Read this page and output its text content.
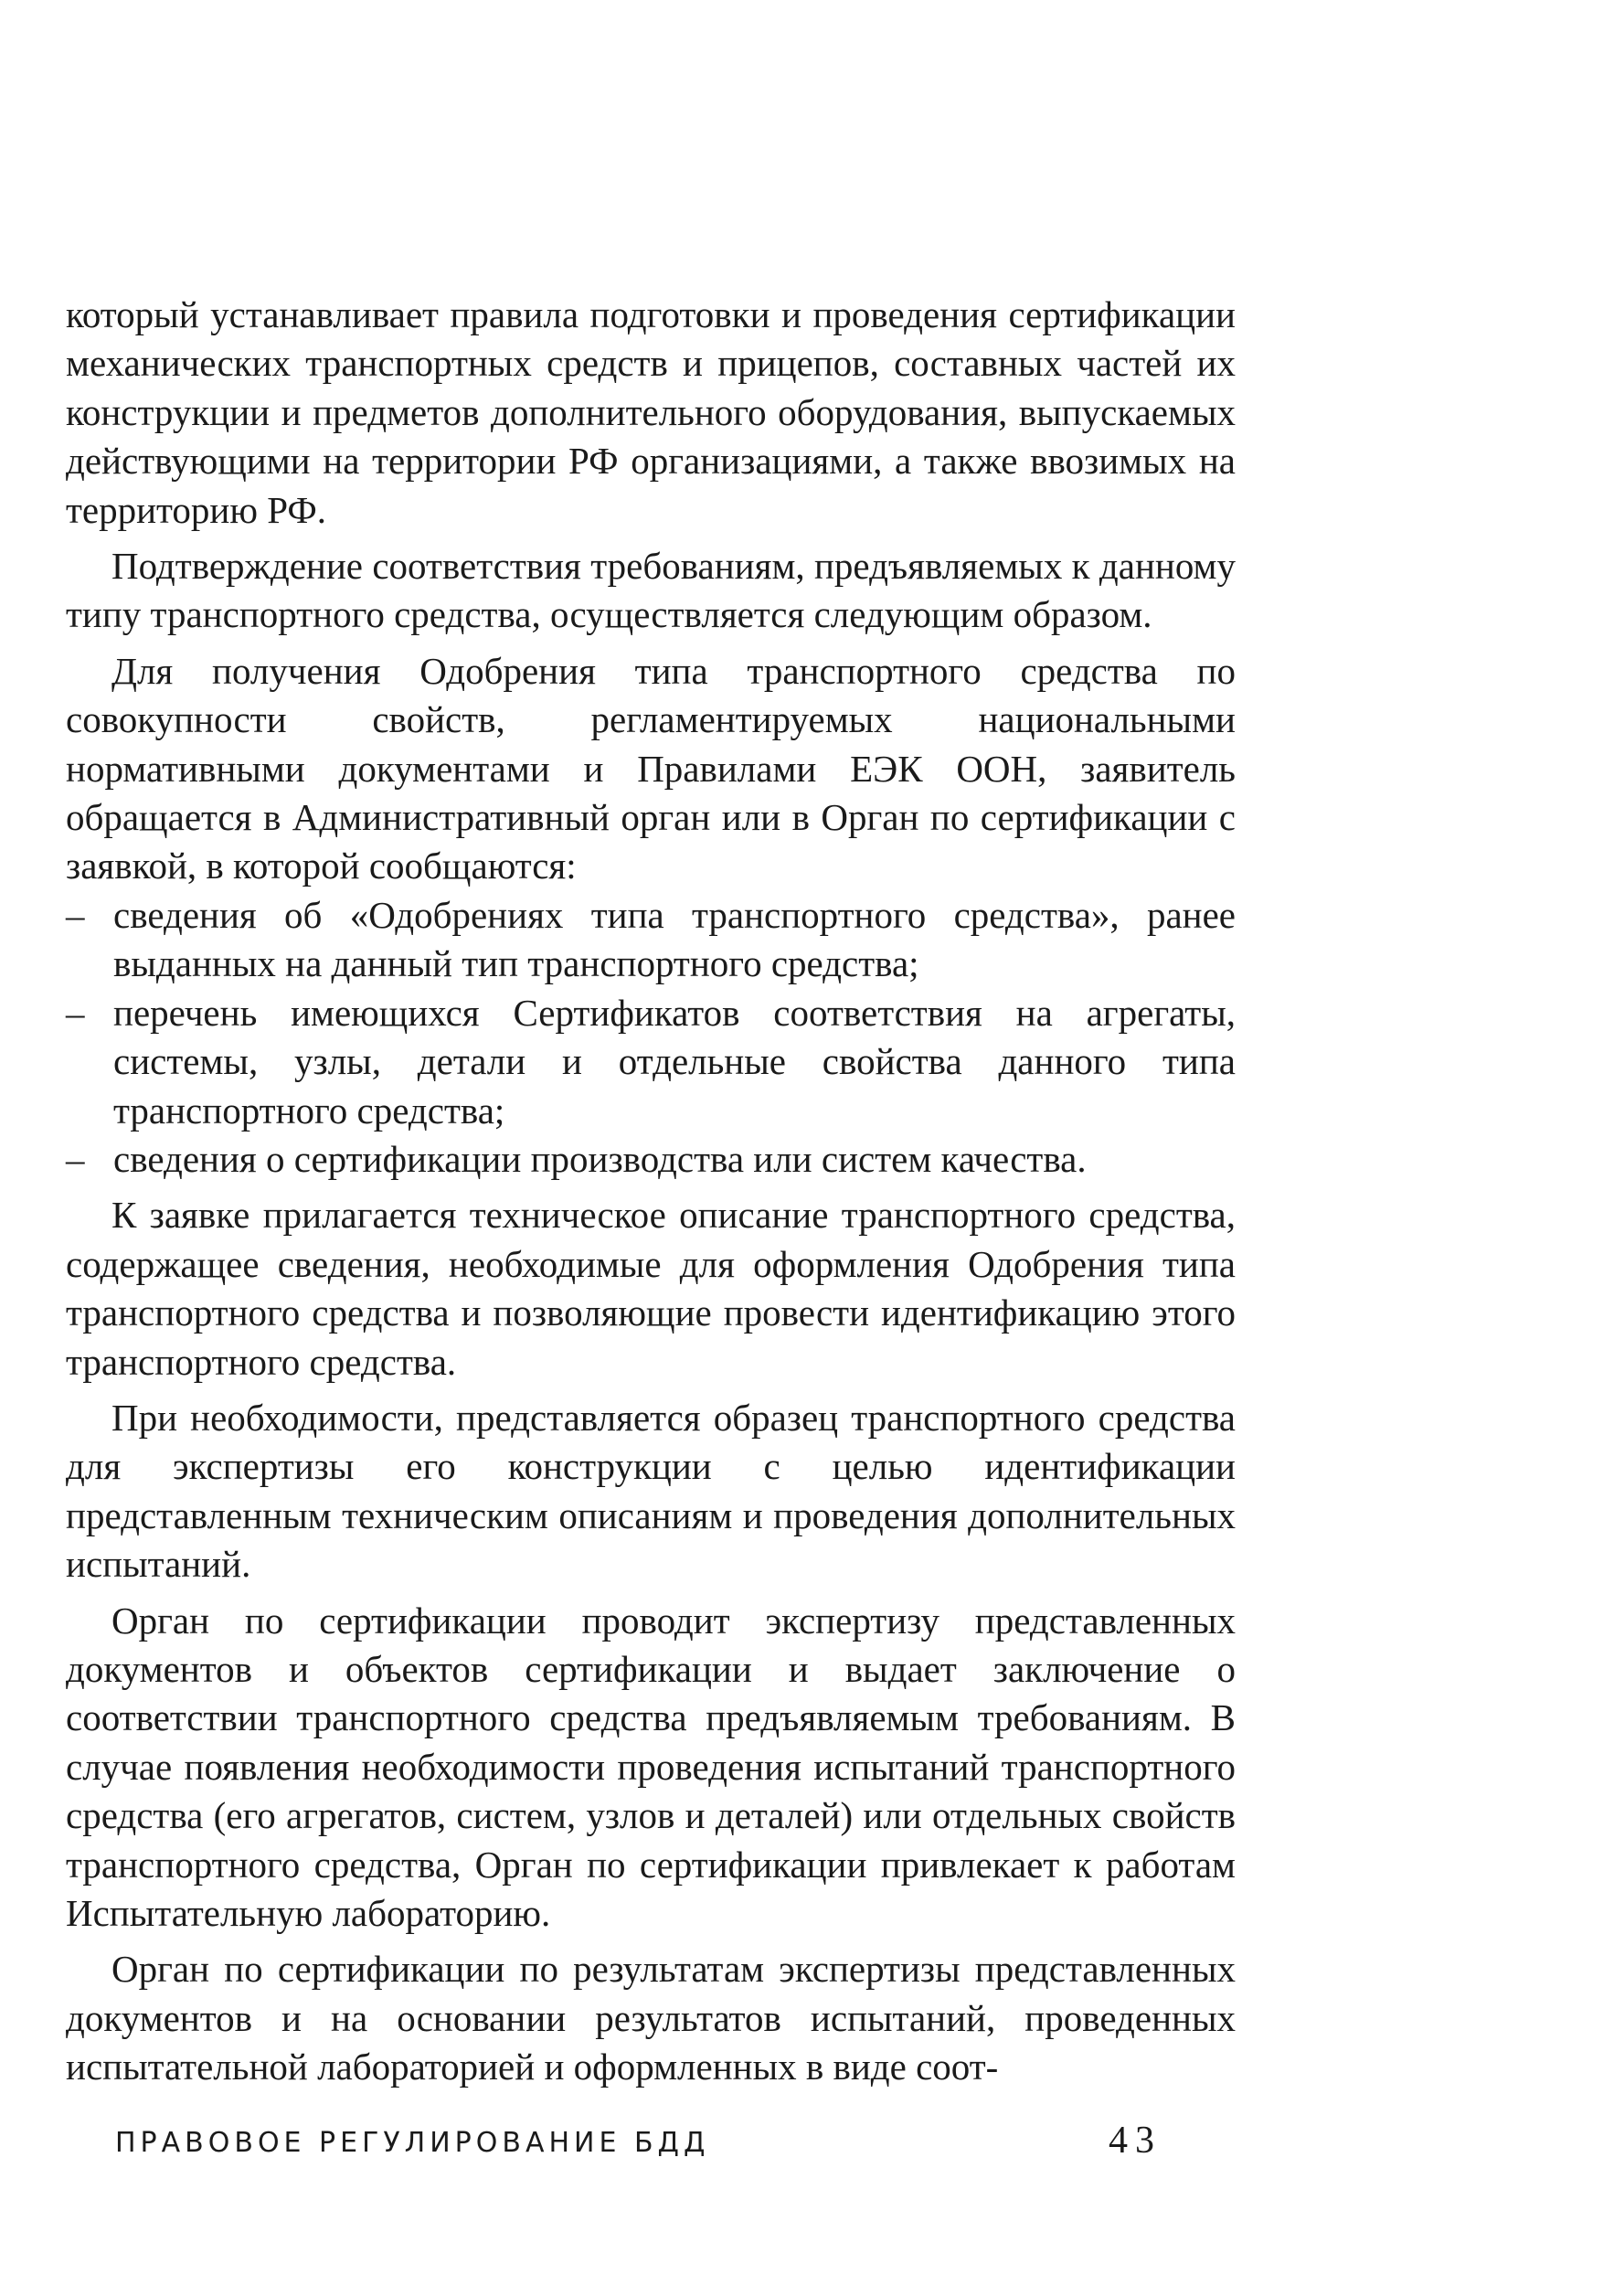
который устанавливает правила подготовки и проведения сертификации механических транспортных средств и прицепов, составных частей их конструкции и предметов дополнительного оборудования, выпускаемых действующими на территории РФ организациями, а также ввозимых на территорию РФ.

Подтверждение соответствия требованиям, предъявляемых к данному типу транспортного средства, осуществляется следующим образом.

Для получения Одобрения типа транспортного средства по совокупности свойств, регламентируемых национальными нормативными документами и Правилами ЕЭК ООН, заявитель обращается в Административный орган или в Орган по сертификации с заявкой, в которой сообщаются:

– сведения об «Одобрениях типа транспортного средства», ранее выданных на данный тип транспортного средства;
– перечень имеющихся Сертификатов соответствия на агрегаты, системы, узлы, детали и отдельные свойства данного типа транспортного средства;
– сведения о сертификации производства или систем качества.

К заявке прилагается техническое описание транспортного средства, содержащее сведения, необходимые для оформления Одобрения типа транспортного средства и позволяющие провести идентификацию этого транспортного средства.

При необходимости, представляется образец транспортного средства для экспертизы его конструкции с целью идентификации представленным техническим описаниям и проведения дополнительных испытаний.

Орган по сертификации проводит экспертизу представленных документов и объектов сертификации и выдает заключение о соответствии транспортного средства предъявляемым требованиям. В случае появления необходимости проведения испытаний транспортного средства (его агрегатов, систем, узлов и деталей) или отдельных свойств транспортного средства, Орган по сертификации привлекает к работам Испытательную лабораторию.

Орган по сертификации по результатам экспертизы представленных документов и на основании результатов испытаний, проведенных испытательной лабораторией и оформленных в виде соот-

ПРАВОВОЕ РЕГУЛИРОВАНИЕ БДД	43
